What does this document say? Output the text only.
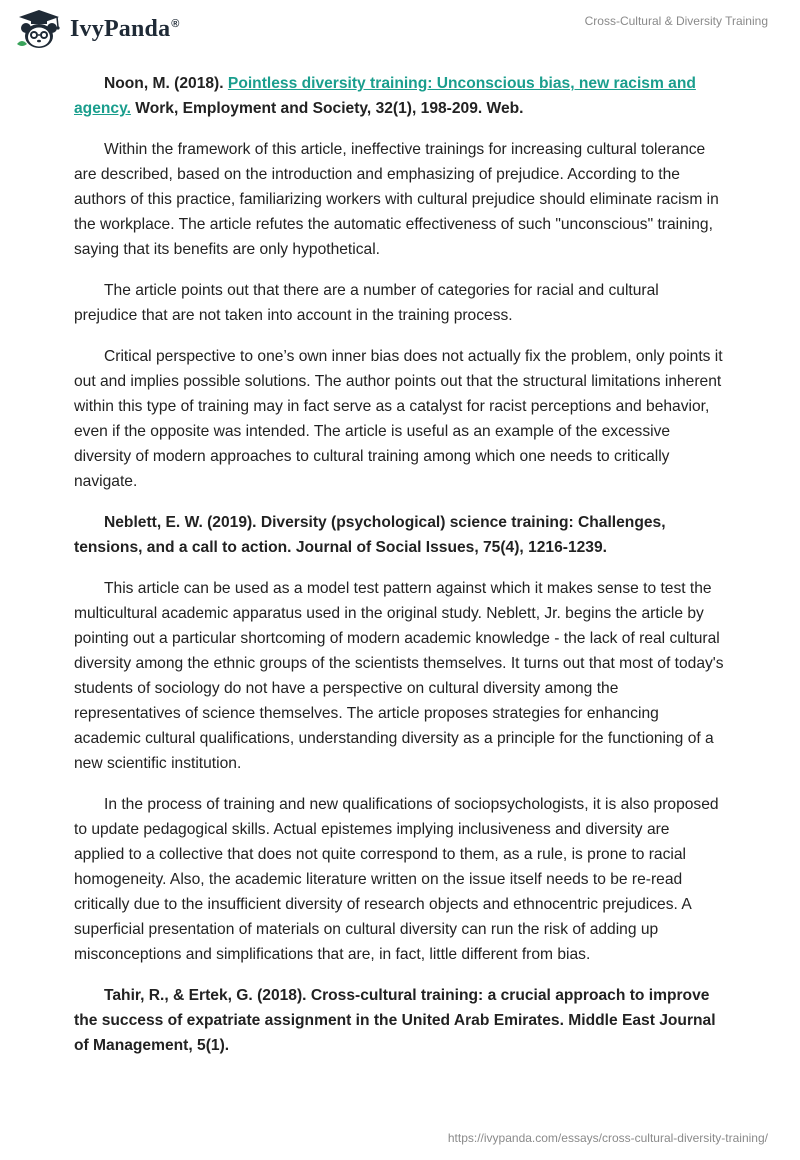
IvyPanda®	Cross-Cultural & Diversity Training

Noon, M. (2018). Pointless diversity training: Unconscious bias, new racism and agency. Work, Employment and Society, 32(1), 198-209. Web.

Within the framework of this article, ineffective trainings for increasing cultural tolerance are described, based on the introduction and emphasizing of prejudice. According to the authors of this practice, familiarizing workers with cultural prejudice should eliminate racism in the workplace. The article refutes the automatic effectiveness of such "unconscious" training, saying that its benefits are only hypothetical.

The article points out that there are a number of categories for racial and cultural prejudice that are not taken into account in the training process.

Critical perspective to one’s own inner bias does not actually fix the problem, only points it out and implies possible solutions. The author points out that the structural limitations inherent within this type of training may in fact serve as a catalyst for racist perceptions and behavior, even if the opposite was intended. The article is useful as an example of the excessive diversity of modern approaches to cultural training among which one needs to critically navigate.

Neblett, E. W. (2019). Diversity (psychological) science training: Challenges, tensions, and a call to action. Journal of Social Issues, 75(4), 1216-1239.

This article can be used as a model test pattern against which it makes sense to test the multicultural academic apparatus used in the original study. Neblett, Jr. begins the article by pointing out a particular shortcoming of modern academic knowledge - the lack of real cultural diversity among the ethnic groups of the scientists themselves. It turns out that most of today's students of sociology do not have a perspective on cultural diversity among the representatives of science themselves. The article proposes strategies for enhancing academic cultural qualifications, understanding diversity as a principle for the functioning of a new scientific institution.

In the process of training and new qualifications of sociopsychologists, it is also proposed to update pedagogical skills. Actual epistemes implying inclusiveness and diversity are applied to a collective that does not quite correspond to them, as a rule, is prone to racial homogeneity. Also, the academic literature written on the issue itself needs to be re-read critically due to the insufficient diversity of research objects and ethnocentric prejudices. A superficial presentation of materials on cultural diversity can run the risk of adding up misconceptions and simplifications that are, in fact, little different from bias.

Tahir, R., & Ertek, G. (2018). Cross-cultural training: a crucial approach to improve the success of expatriate assignment in the United Arab Emirates. Middle East Journal of Management, 5(1).

https://ivypanda.com/essays/cross-cultural-diversity-training/
